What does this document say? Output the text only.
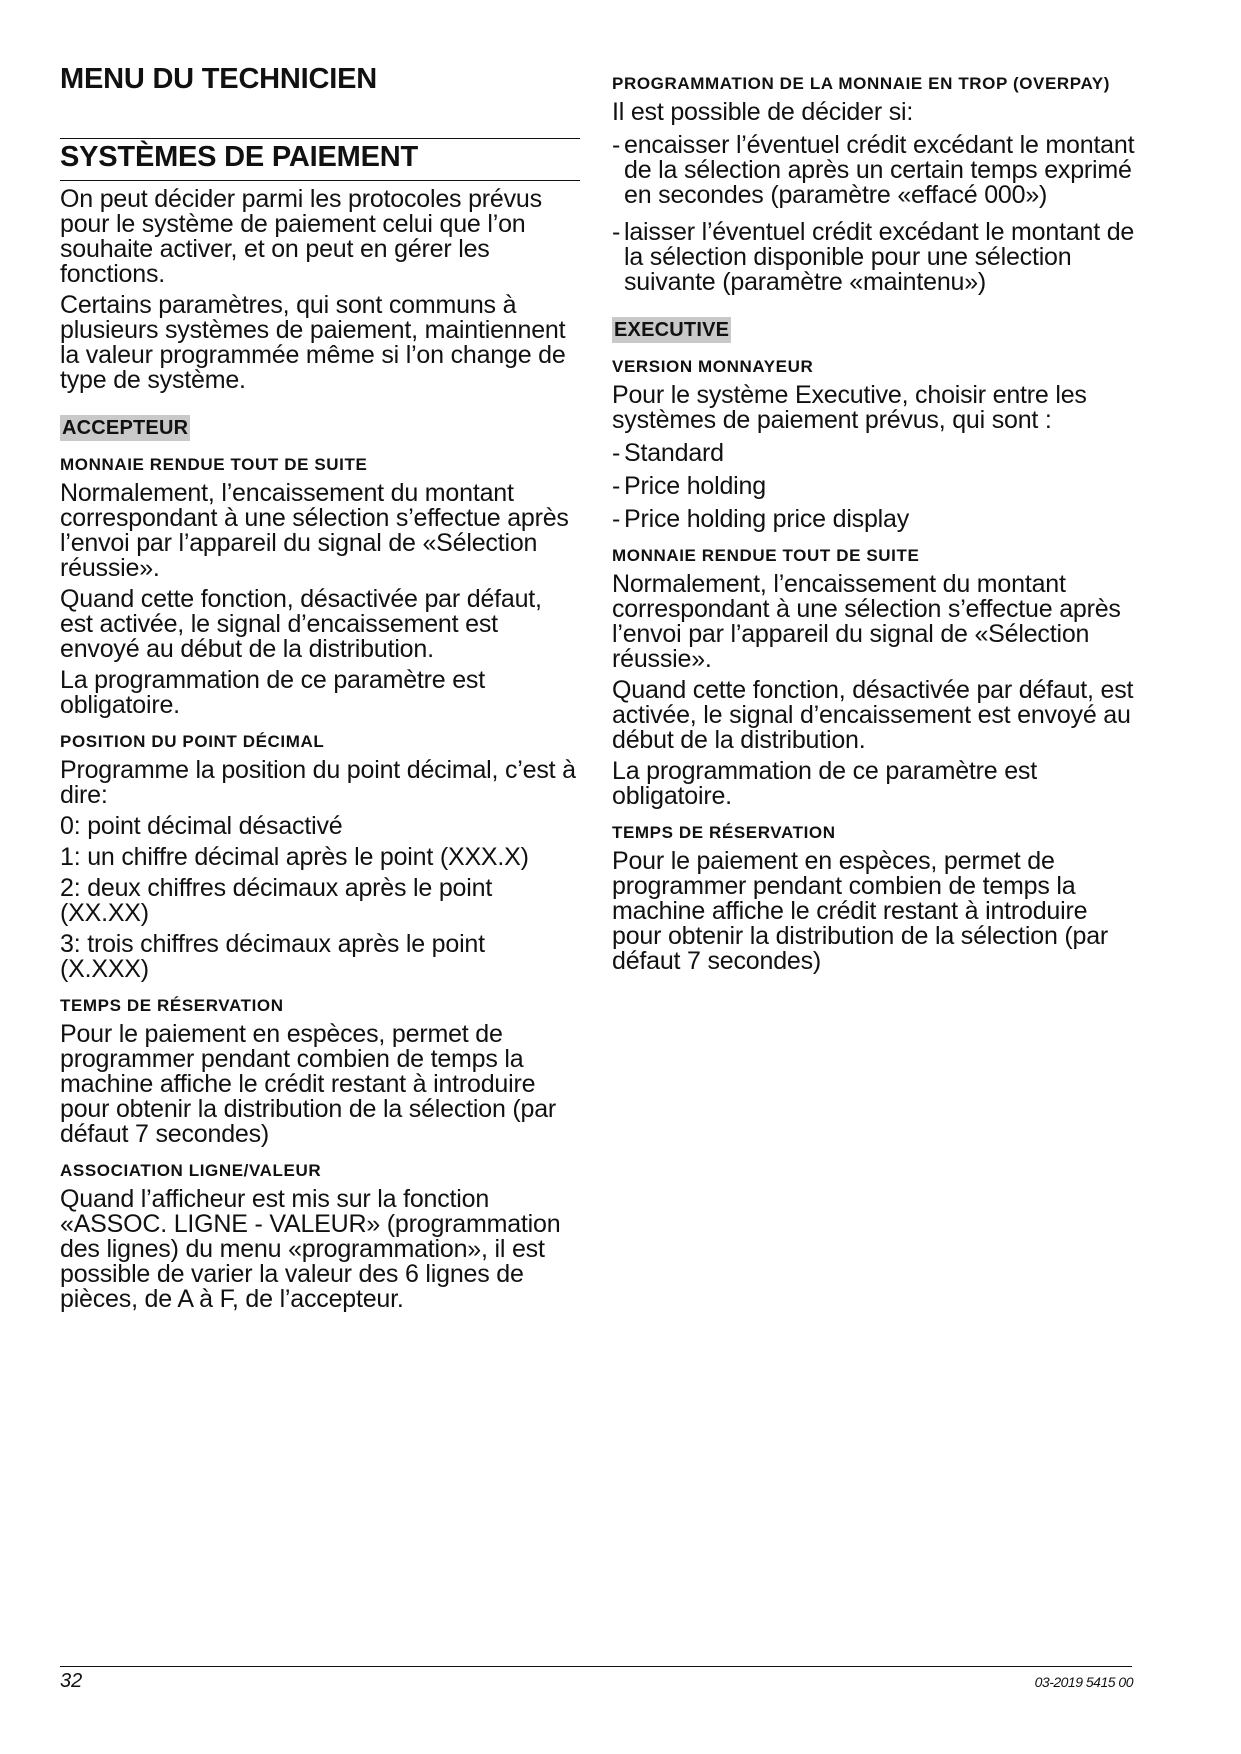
MENU DU TECHNICIEN
SYSTÈMES DE PAIEMENT

On peut décider parmi les protocoles prévus pour le système de paiement celui que l’on souhaite activer, et on peut en gérer les fonctions.

Certains paramètres, qui sont communs à plusieurs systèmes de paiement, maintiennent la valeur programmée même si l’on change de type de système.

ACCEPTEUR
MONNAIE RENDUE TOUT DE SUITE

Normalement, l’encaissement du montant correspondant à une sélection s’effectue après l’envoi par l’appareil du signal de «Sélection réussie».

Quand cette fonction, désactivée par défaut, est activée, le signal d’encaissement est envoyé au début de la distribution.

La programmation de ce paramètre est obligatoire.

POSITION DU POINT DÉCIMAL

Programme la position du point décimal, c’est à dire:

0: point décimal désactivé

1: un chiffre décimal après le point (XXX.X)

2: deux chiffres décimaux après le point (XX.XX)

3: trois chiffres décimaux après le point (X.XXX)

TEMPS DE RÉSERVATION

Pour le paiement en espèces, permet de programmer pendant combien de temps la machine affiche le crédit restant à introduire pour obtenir la distribution de la sélection (par défaut 7 secondes)

ASSOCIATION LIGNE/VALEUR

Quand l’afficheur est mis sur la fonction «ASSOC. LIGNE - VALEUR» (programmation des lignes) du menu «programmation», il est possible de varier la valeur des 6 lignes de pièces, de A à F, de l’accepteur.

PROGRAMMATION DE LA MONNAIE EN TROP (OVERPAY)

Il est possible de décider si:

- encaisser l’éventuel crédit excédant le montant de la sélection après un certain temps exprimé en secondes (paramètre «effacé 000»)
- laisser l’éventuel crédit excédant le montant de la sélection disponible pour une sélection suivante (paramètre «maintenu»)
EXECUTIVE
VERSION MONNAYEUR

Pour le système Executive, choisir entre les systèmes de paiement prévus, qui sont :

- Standard
- Price holding
- Price holding price display
MONNAIE RENDUE TOUT DE SUITE

Normalement, l’encaissement du montant correspondant à une sélection s’effectue après l’envoi par l’appareil du signal de «Sélection réussie».

Quand cette fonction, désactivée par défaut, est activée, le signal d’encaissement est envoyé au début de la distribution.

La programmation de ce paramètre est obligatoire.

TEMPS DE RÉSERVATION

Pour le paiement en espèces, permet de programmer pendant combien de temps la machine affiche le crédit restant à introduire pour obtenir la distribution de la sélection (par défaut 7 secondes)

32	03-2019 5415 00
